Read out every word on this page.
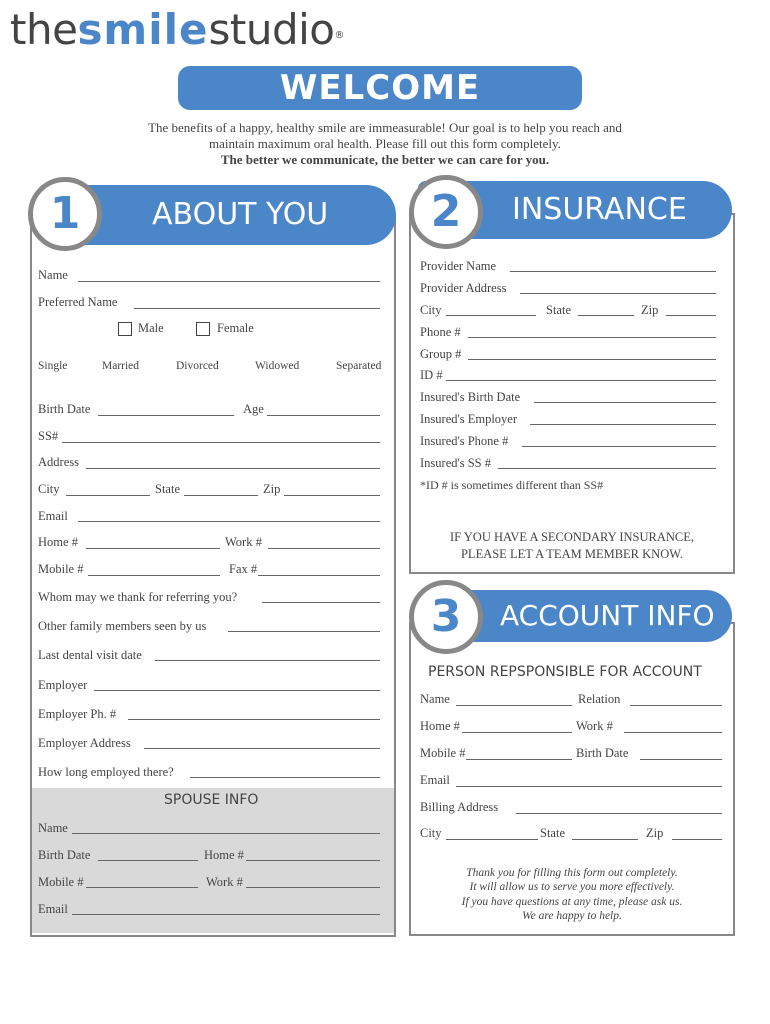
thesmilestudio®
WELCOME
The benefits of a happy, healthy smile are immeasurable! Our goal is to help you reach and
maintain maximum oral health. Please fill out this form completely.
The better we communicate, the better we can care for you.
ABOUT YOU
1
Name
Preferred Name
Male	Female
Single	Married	Divorced	Widowed	Separated
Birth Date	Age
SS#
Address
City	State	Zip
Email
Home #	Work #
Mobile #	Fax #
Whom may we thank for referring you?
Other family members seen by us
Last dental visit date
Employer
Employer Ph. #
Employer Address
How long employed there?
SPOUSE INFO
Name
Birth Date	Home #
Mobile #	Work #
Email
INSURANCE
2
Provider Name
Provider Address
City	State	Zip
Phone #
Group #
ID #
Insured's Birth Date
Insured's Employer
Insured's Phone #
Insured's SS #
*ID # is sometimes different than SS#
IF YOU HAVE A SECONDARY INSURANCE,
PLEASE LET A TEAM MEMBER KNOW.
ACCOUNT INFO
3
PERSON REPSPONSIBLE FOR ACCOUNT
Name	Relation
Home #	Work #
Mobile #	Birth Date
Email
Billing Address
City	State	Zip
Thank you for filling this form out completely.
It will allow us to serve you more effectively.
If you have questions at any time, please ask us.
We are happy to help.
